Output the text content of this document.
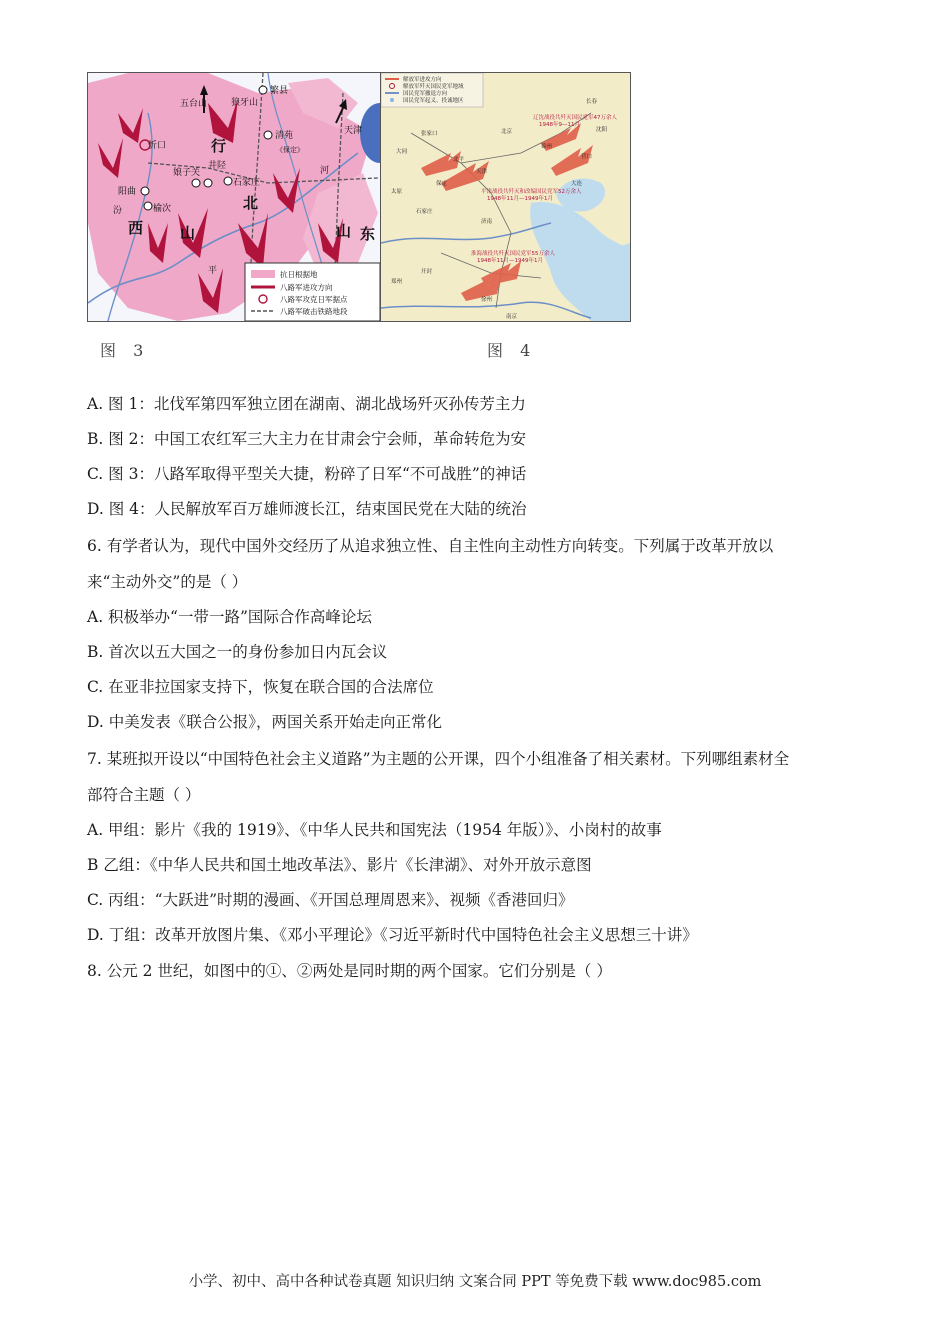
繁县
五台山	狼牙山
清苑
《保定》
天津
忻口
井陉
娘子关
石家庄
阳曲
榆次
行
北
西 山	山 东
河
汾
平	抗日根据地
八路军进攻方向
八路军攻克日军据点
八路军破击铁路地段
解放军进攻方向
解放军歼灭国民党军地域
国民党军撤退方向
国民党军起义、投诚地区
辽沈战役共歼灭国民党军47万余人
1948年9—11月
平津战役共歼灭和改编国民党军52万余人
1948年11月—1949年1月
淮海战役共歼灭国民党军55万余人
1948年11月—1949年1月
张家口
北平
天津
大同
保定
石家庄
济南
开封
徐州
南京
营口
锦州
沈阳
长春
大连
太原
郑州
北京
图 3	图 4
A. 图 1：北伐军第四军独立团在湖南、湖北战场歼灭孙传芳主力
B. 图 2：中国工农红军三大主力在甘肃会宁会师，革命转危为安
C. 图 3：八路军取得平型关大捷，粉碎了日军“不可战胜”的神话
D. 图 4：人民解放军百万雄师渡长江，结束国民党在大陆的统治
6. 有学者认为，现代中国外交经历了从追求独立性、自主性向主动性方向转变。下列属于改革开放以
来“主动外交”的是（ ）
A. 积极举办“一带一路”国际合作高峰论坛
B. 首次以五大国之一的身份参加日内瓦会议
C. 在亚非拉国家支持下，恢复在联合国的合法席位
D. 中美发表《联合公报》，两国关系开始走向正常化
7. 某班拟开设以“中国特色社会主义道路”为主题的公开课，四个小组准备了相关素材。下列哪组素材全
部符合主题（ ）
A. 甲组：影片《我的 1919》、《中华人民共和国宪法（1954 年版）》、小岗村的故事
B 乙组：《中华人民共和国土地改革法》、影片《长津湖》、对外开放示意图
C. 丙组：“大跃进”时期的漫画、《开国总理周恩来》、视频《香港回归》
D. 丁组：改革开放图片集、《邓小平理论》《习近平新时代中国特色社会主义思想三十讲》
8. 公元 2 世纪，如图中的①、②两处是同时期的两个国家。它们分别是（ ）
小学、初中、高中各种试卷真题 知识归纳 文案合同 PPT 等免费下载 www.doc985.com
